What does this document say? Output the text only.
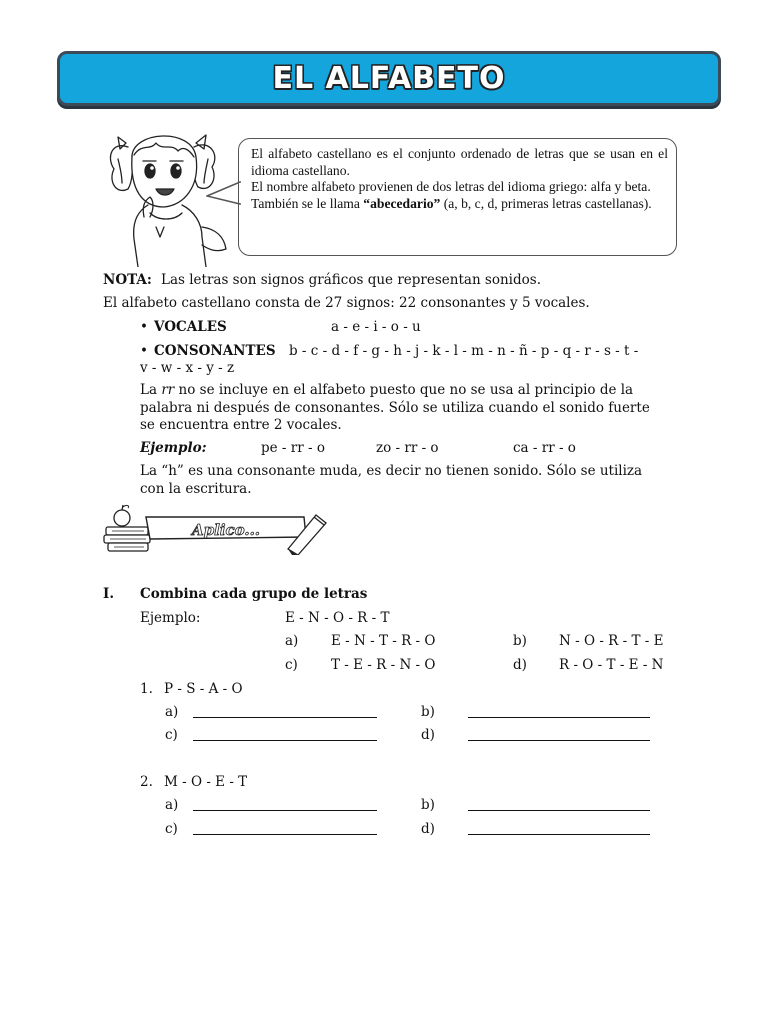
EL ALFABETO

El alfabeto castellano es el conjunto ordenado de letras que se usan en el idioma castellano.

El nombre alfabeto provienen de dos letras del idioma griego: alfa y beta.

También se le llama “abecedario” (a, b, c, d, primeras letras castellanas).

NOTA: Las letras son signos gráficos que representan sonidos.
El alfabeto castellano consta de 27 signos: 22 consonantes y 5 vocales.
• VOCALES	a - e - i - o - u
• CONSONANTES b - c - d - f - g - h - j - k - l - m - n - ñ - p - q - r - s - t -
v - w - x - y - z
La rr no se incluye en el alfabeto puesto que no se usa al principio de la
palabra ni después de consonantes. Sólo se utiliza cuando el sonido fuerte
se encuentra entre 2 vocales.
Ejemplo:	pe - rr - o	zo - rr - o	ca - rr - o
La “h” es una consonante muda, es decir no tienen sonido. Sólo se utiliza
con la escritura.
Aplico...
I. Combina cada grupo de letras
Ejemplo:	E - N - O - R - T
a) E - N - T - R - O	b) N - O - R - T - E
c) T - E - R - N - O	d) R - O - T - E - N
1. P - S - A - O
a)	b)
c)	d)
2. M - O - E - T
a)	b)
c)	d)
